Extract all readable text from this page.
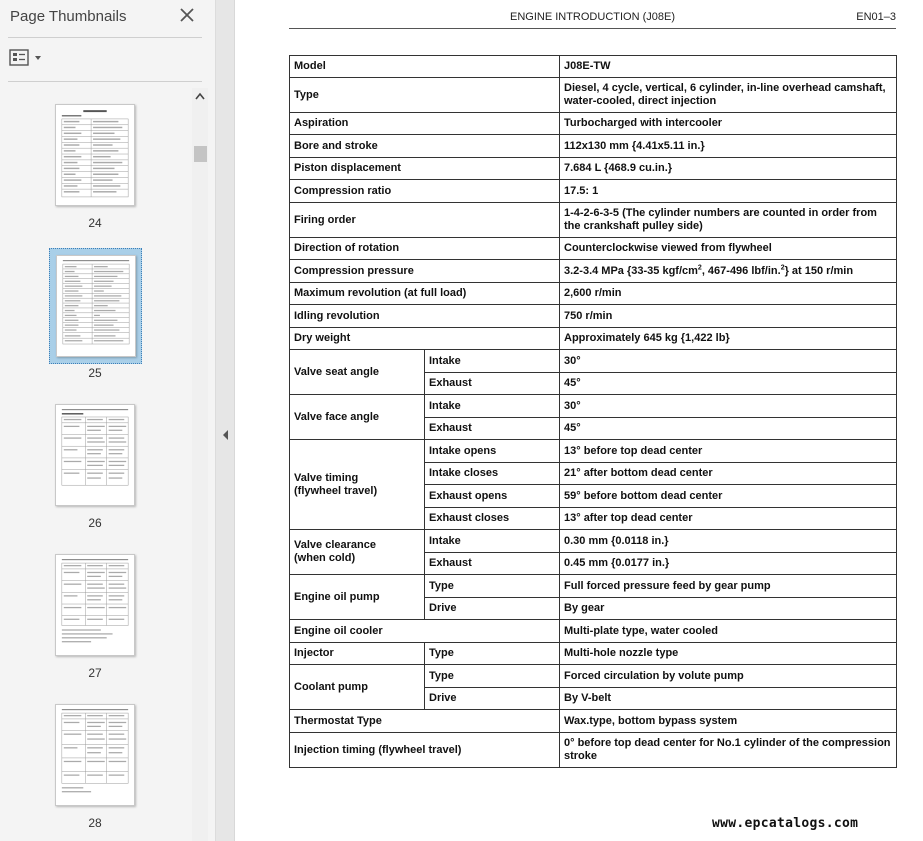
Page Thumbnails
24
25
26
27
28
ENGINE INTRODUCTION (J08E)	EN01–3
Model		J08E-TW
Type		Diesel, 4 cycle, vertical, 6 cylinder, in-line overhead camshaft, water-cooled, direct injection
Aspiration		Turbocharged with intercooler
Bore and stroke		112x130 mm {4.41x5.11 in.}
Piston displacement		7.684 L {468.9 cu.in.}
Compression ratio		17.5: 1
Firing order		1-4-2-6-3-5 (The cylinder numbers are counted in order from the crankshaft pulley side)
Direction of rotation		Counterclockwise viewed from flywheel
Compression pressure		3.2-3.4 MPa {33-35 kgf/$cm^2$, 467-496 lbf/in.$^2$} at 150 r/min
Maximum revolution (at full load)		2,600 r/min
Idling revolution		750 r/min
Dry weight		Approximately 645 kg {1,422 lb}
Valve seat angle	Intake	30°
	Exhaust	45°
Valve face angle	Intake	30°
	Exhaust	45°
Valve timing
(flywheel travel)	Intake opens	13° before top dead center
	Intake closes	21° after bottom dead center
	Exhaust opens	59° before bottom dead center
	Exhaust closes	13° after top dead center
Valve clearance
(when cold)	Intake	0.30 mm {0.0118 in.}
	Exhaust	0.45 mm {0.0177 in.}
Engine oil pump	Type	Full forced pressure feed by gear pump
	Drive	By gear
Engine oil cooler		Multi-plate type, water cooled
Injector	Type	Multi-hole nozzle type
Coolant pump	Type	Forced circulation by volute pump
	Drive	By V-belt
Thermostat Type		Wax.type, bottom bypass system
Injection timing (flywheel travel)		0° before top dead center for No.1 cylinder of the compression stroke
www.epcatalogs.com
